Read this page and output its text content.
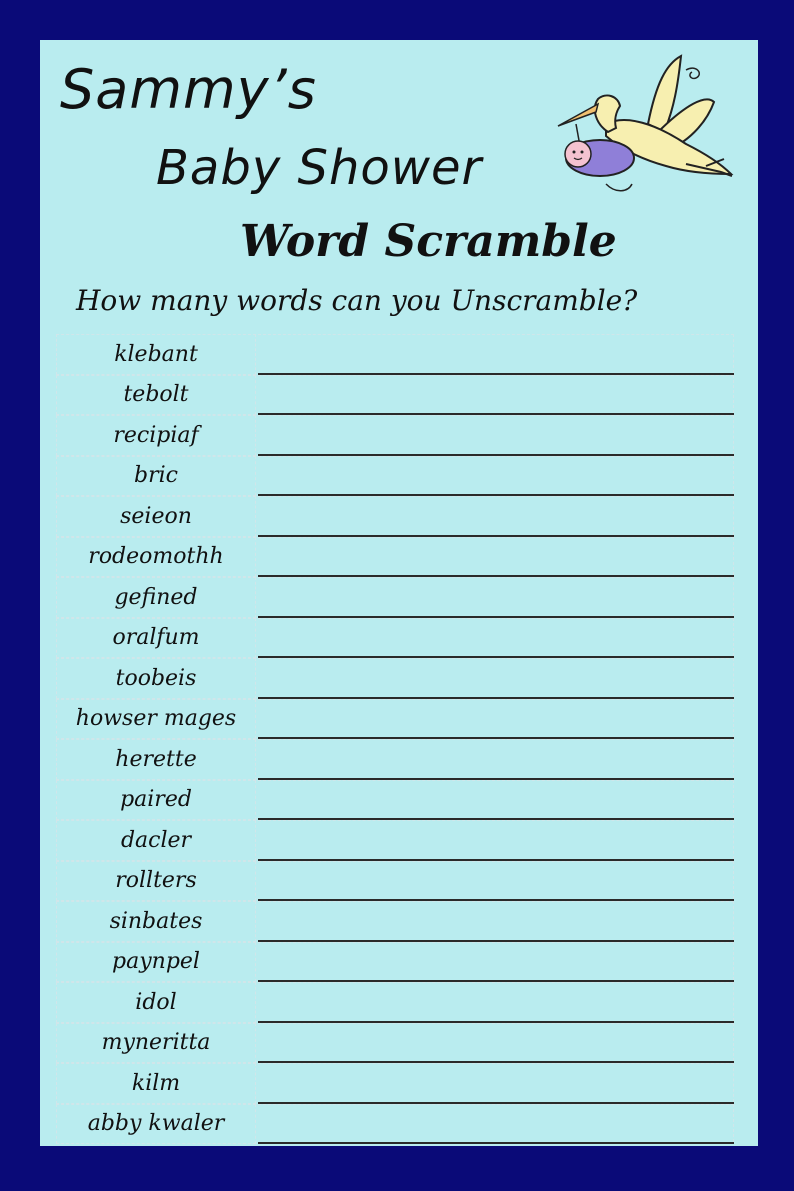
Sammy’s
Baby Shower
Word Scramble
How many words can you Unscramble?
klebant
tebolt
recipiaf
bric
seieon
rodeomothh
gefined
oralfum
toobeis
howser mages
herette
paired
dacler
rollters
sinbates
paynpel
idol
myneritta
kilm
abby kwaler
